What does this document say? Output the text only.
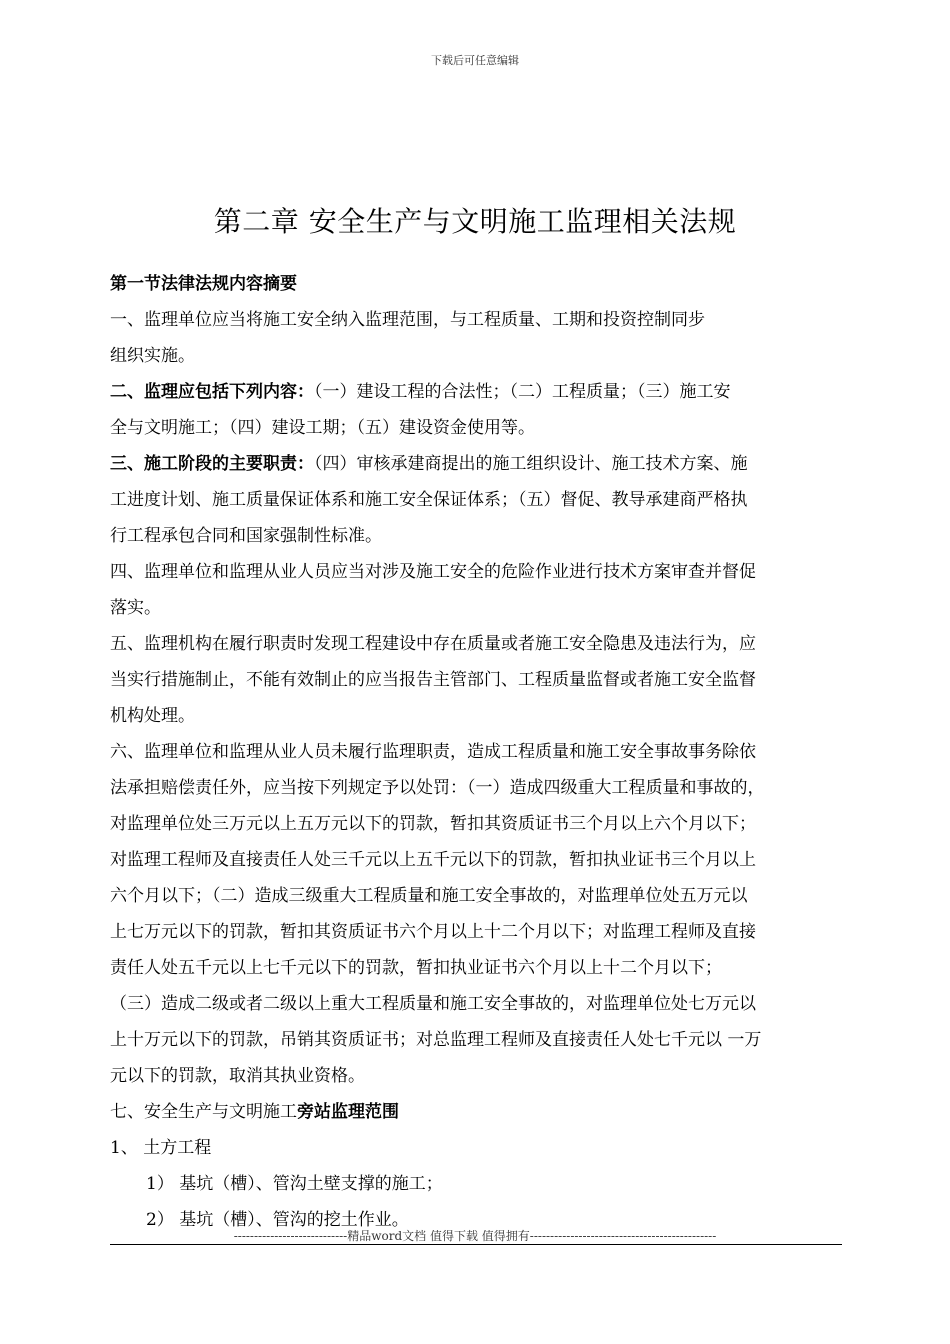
下载后可任意编辑
第二章 安全生产与文明施工监理相关法规
第一节法律法规内容摘要
一、监理单位应当将施工安全纳入监理范围，与工程质量、工期和投资控制同步
组织实施。
二、监理应包括下列内容：（一）建设工程的合法性；（二）工程质量；（三）施工安
全与文明施工；（四）建设工期；（五）建设资金使用等。
三、施工阶段的主要职责：（四）审核承建商提出的施工组织设计、施工技术方案、施
工进度计划、施工质量保证体系和施工安全保证体系；（五）督促、教导承建商严格执
行工程承包合同和国家强制性标准。
四、监理单位和监理从业人员应当对涉及施工安全的危险作业进行技术方案审查并督促
落实。
五、监理机构在履行职责时发现工程建设中存在质量或者施工安全隐患及违法行为，应
当实行措施制止，不能有效制止的应当报告主管部门、工程质量监督或者施工安全监督
机构处理。
六、监理单位和监理从业人员未履行监理职责，造成工程质量和施工安全事故事务除依
法承担赔偿责任外，应当按下列规定予以处罚：（一）造成四级重大工程质量和事故的，
对监理单位处三万元以上五万元以下的罚款，暂扣其资质证书三个月以上六个月以下；
对监理工程师及直接责任人处三千元以上五千元以下的罚款，暂扣执业证书三个月以上
六个月以下；（二）造成三级重大工程质量和施工安全事故的，对监理单位处五万元以
上七万元以下的罚款，暂扣其资质证书六个月以上十二个月以下；对监理工程师及直接
责任人处五千元以上七千元以下的罚款，暂扣执业证书六个月以上十二个月以下；
（三）造成二级或者二级以上重大工程质量和施工安全事故的，对监理单位处七万元以
上十万元以下的罚款，吊销其资质证书；对总监理工程师及直接责任人处七千元以 一万
元以下的罚款，取消其执业资格。
七、安全生产与文明施工旁站监理范围
1、 土方工程
1） 基坑（槽）、管沟土壁支撑的施工；
2） 基坑（槽）、管沟的挖土作业。
----------------------------精品word文档 值得下载 值得拥有----------------------------------------------
